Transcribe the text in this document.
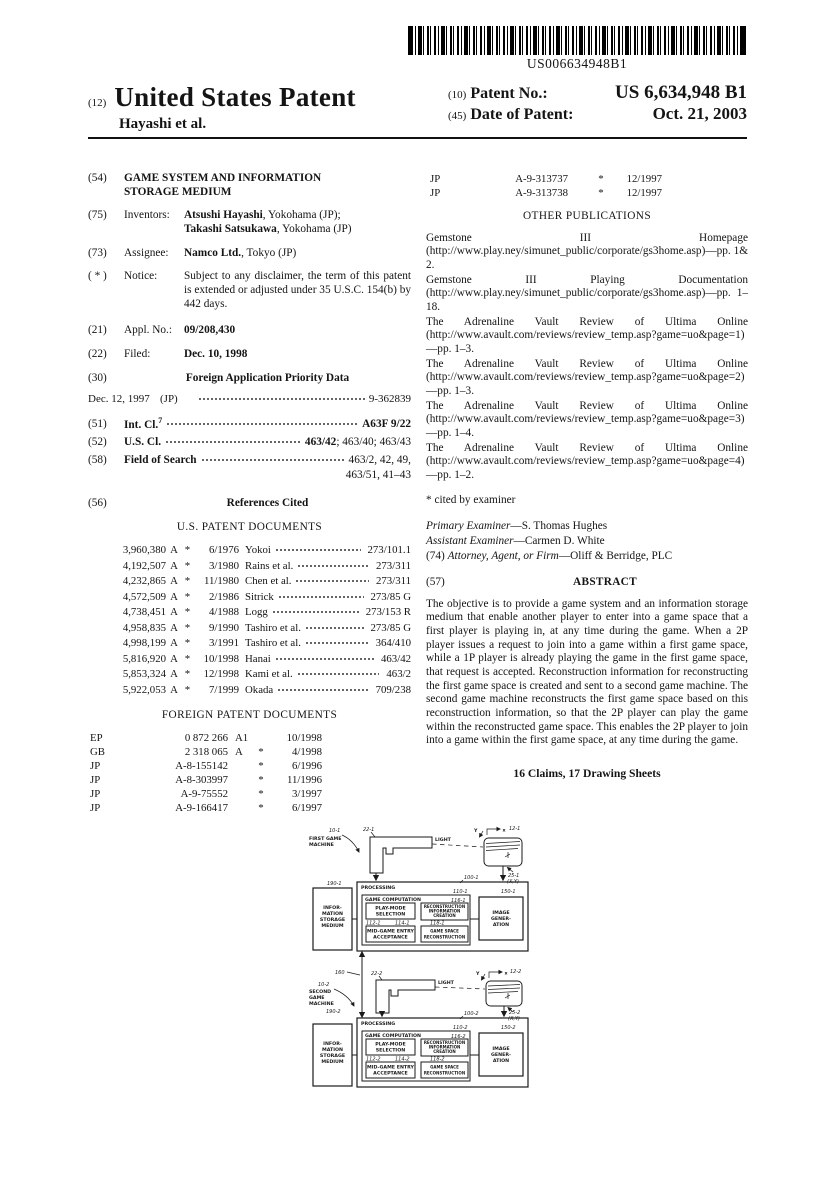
US006634948B1
(12) United States Patent
Hayashi et al.
(10) Patent No.:	US 6,634,948 B1
(45) Date of Patent:	Oct. 21, 2003
(54)	GAME SYSTEM AND INFORMATION
STORAGE MEDIUM
(75)	Inventors:	Atsushi Hayashi, Yokohama (JP);
Takashi Satsukawa, Yokohama (JP)
(73)	Assignee:	Namco Ltd., Tokyo (JP)
( * )	Notice:	Subject to any disclaimer, the term of this patent is extended or adjusted under 35 U.S.C. 154(b) by 442 days.
(21)	Appl. No.:	09/208,430
(22)	Filed:	Dec. 10, 1998
(30)	Foreign Application Priority Data
Dec. 12, 1997 (JP)	9-362839
(51)	Int. Cl.$^7$	A63F 9/22
(52)	U.S. Cl.	463/42; 463/40; 463/43
(58)	Field of Search	463/2, 42, 49,
463/51, 41–43
(56)	References Cited
U.S. PATENT DOCUMENTS
3,960,380 A *	6/1976 Yokoi	273/101.1
4,192,507 A *	3/1980 Rains et al.	273/311
4,232,865 A *	11/1980 Chen et al.	273/311
4,572,509 A *	2/1986 Sitrick	273/85 G
4,738,451 A *	4/1988 Logg	273/153 R
4,958,835 A *	9/1990 Tashiro et al.	273/85 G
4,998,199 A *	3/1991 Tashiro et al.	364/410
5,816,920 A *	10/1998 Hanai	463/42
5,853,324 A *	12/1998 Kami et al.	463/2
5,922,053 A *	7/1999 Okada	709/238
FOREIGN PATENT DOCUMENTS
EP	0 872 266 A1	10/1998
GB	2 318 065 A	*	4/1998
JP	A-8-155142	*	6/1996
JP	A-8-303997	*	11/1996
JP	A-9-75552	*	3/1997
JP	A-9-166417	*	6/1997
JP	A-9-313737	*	12/1997
JP	A-9-313738	*	12/1997
OTHER PUBLICATIONS

Gemstone III Homepage (http://www.play.ney/simunet_public/corporate/gs3home.asp)—pp. 1& 2.

Gemstone III Playing Documentation (http://www.play.ney/simunet_public/corporate/gs3home.asp)—pp. 1–18.

The Adrenaline Vault Review of Ultima Online (http://www.avault.com/reviews/review_temp.asp?game=uo&page=1)—pp. 1–3.

The Adrenaline Vault Review of Ultima Online (http://www.avault.com/reviews/review_temp.asp?game=uo&page=2)—pp. 1–3.

The Adrenaline Vault Review of Ultima Online (http://www.avault.com/reviews/review_temp.asp?game=uo&page=3)—pp. 1–4.

The Adrenaline Vault Review of Ultima Online (http://www.avault.com/reviews/review_temp.asp?game=uo&page=4)—pp. 1–2.

* cited by examiner
Primary Examiner—S. Thomas Hughes
Assistant Examiner—Carmen D. White
(74) Attorney, Agent, or Firm—Oliff & Berridge, PLC
(57)	ABSTRACT
The objective is to provide a game system and an information storage medium that enable another player to enter into a game space that a first player is playing in, at any time during the game. When a 2P player issues a request to join into a game within a first game space, while a 1P player is already playing the game in the first game space, that request is accepted. Reconstruction information for reconstructing the first game space is created and sent to a second game machine. The second game machine reconstructs the first game space based on this reconstruction information, so that the 2P player can play the game within the reconstructed game space. This enables the 2P player to join into a game within the first game space, at any time during the game.
16 Claims, 17 Drawing Sheets
10-1
FIRST GAME
MACHINE
22-1
LIGHT
x
Y	12-1
25-1
(X,Y)
190-1
INFOR-
MATION
STORAGE
MEDIUM
100-1
PROCESSING
110-1
GAME COMPUTATION
PLAY-MODE
SELECTION
116-1
RECONSTRUCTION
INFORMATION
CREATION
112-1 114-1 118-1
MID-GAME ENTRY
ACCEPTANCE
GAME SPACE
RECONSTRUCTION
150-1
IMAGE
GENER-
ATION
160
10-2
SECOND
GAME
MACHINE
190-2
22-2
LIGHT
x
Y	12-2
25-2
(X,Y)
INFOR-
MATION
STORAGE
MEDIUM
100-2
PROCESSING
110-2
GAME COMPUTATION
PLAY-MODE
SELECTION
116-2
RECONSTRUCTION
INFORMATION
CREATION
112-2 114-2 118-2
MID-GAME ENTRY
ACCEPTANCE
GAME SPACE
RECONSTRUCTION
150-2
IMAGE
GENER-
ATION
